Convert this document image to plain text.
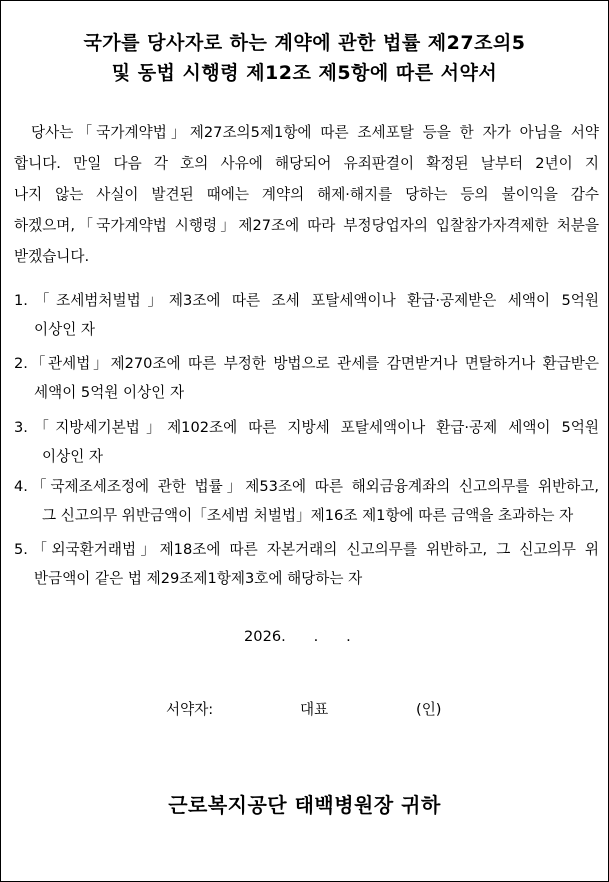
국가를 당사자로 하는 계약에 관한 법률 제27조의5
및 동법 시행령 제12조 제5항에 따른 서약서
당사는「국가계약법」제27조의5제1항에 따른 조세포탈 등을 한 자가 아님을 서약
합니다. 만일 다음 각 호의 사유에 해당되어 유죄판결이 확정된 날부터 2년이 지
나지 않는 사실이 발견된 때에는 계약의 해제·해지를 당하는 등의 불이익을 감수
하겠으며,「국가계약법 시행령」제27조에 따라 부정당업자의 입찰참가자격제한 처분을
받겠습니다.
1.「조세범처벌법」제3조에 따른 조세 포탈세액이나 환급·공제받은 세액이 5억원
이상인 자
2.「관세법」제270조에 따른 부정한 방법으로 관세를 감면받거나 면탈하거나 환급받은
세액이 5억원 이상인 자
3.「지방세기본법」제102조에 따른 지방세 포탈세액이나 환급·공제 세액이 5억원
이상인 자
4.「국제조세조정에 관한 법률」제53조에 따른 해외금융계좌의 신고의무를 위반하고,
그 신고의무 위반금액이「조세범 처벌법」제16조 제1항에 따른 금액을 초과하는 자
5.「외국환거래법」제18조에 따른 자본거래의 신고의무를 위반하고, 그 신고의무 위
반금액이 같은 법 제29조제1항제3호에 해당하는 자
2026.      .      .
서약자:	대표	(인)
근로복지공단 태백병원장 귀하
